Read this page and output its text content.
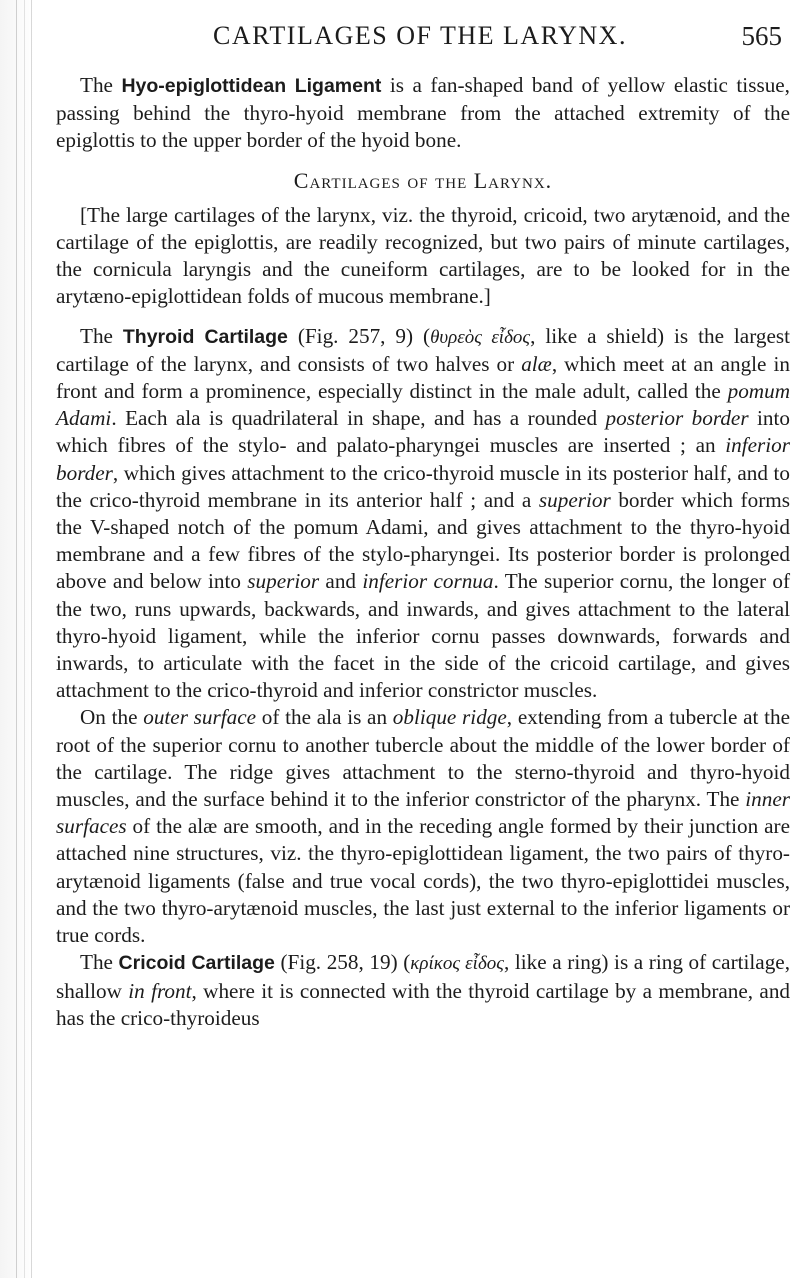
CARTILAGES OF THE LARYNX.	565

The Hyo-epiglottidean Ligament is a fan-shaped band of yellow elastic tissue, passing behind the thyro-hyoid membrane from the attached extremity of the epiglottis to the upper border of the hyoid bone.

Cartilages of the Larynx.

[The large cartilages of the larynx, viz. the thyroid, cricoid, two arytænoid, and the cartilage of the epiglottis, are readily recognized, but two pairs of minute cartilages, the cornicula laryngis and the cuneiform cartilages, are to be looked for in the arytæno-epiglottidean folds of mucous membrane.]

The Thyroid Cartilage (Fig. 257, 9) (θυρεὸς εἶδος, like a shield) is the largest cartilage of the larynx, and consists of two halves or alæ, which meet at an angle in front and form a prominence, especially distinct in the male adult, called the pomum Adami. Each ala is quadrilateral in shape, and has a rounded posterior border into which fibres of the stylo- and palato-pharyngei muscles are inserted ; an inferior border, which gives attachment to the crico-thyroid muscle in its posterior half, and to the crico-thyroid membrane in its anterior half ; and a superior border which forms the V-shaped notch of the pomum Adami, and gives attachment to the thyro-hyoid membrane and a few fibres of the stylo-pharyngei. Its posterior border is prolonged above and below into superior and inferior cornua. The superior cornu, the longer of the two, runs upwards, backwards, and inwards, and gives attachment to the lateral thyro-hyoid ligament, while the inferior cornu passes downwards, forwards and inwards, to articulate with the facet in the side of the cricoid cartilage, and gives attachment to the crico-thyroid and inferior constrictor muscles.

On the outer surface of the ala is an oblique ridge, extending from a tubercle at the root of the superior cornu to another tubercle about the middle of the lower border of the cartilage. The ridge gives attachment to the sterno-thyroid and thyro-hyoid muscles, and the surface behind it to the inferior constrictor of the pharynx. The inner surfaces of the alæ are smooth, and in the receding angle formed by their junction are attached nine structures, viz. the thyro-epiglottidean ligament, the two pairs of thyro-arytænoid ligaments (false and true vocal cords), the two thyro-epiglottidei muscles, and the two thyro-arytænoid muscles, the last just external to the inferior ligaments or true cords.

The Cricoid Cartilage (Fig. 258, 19) (κρίκος εἶδος, like a ring) is a ring of cartilage, shallow in front, where it is connected with the thyroid cartilage by a membrane, and has the crico-thyroideus
